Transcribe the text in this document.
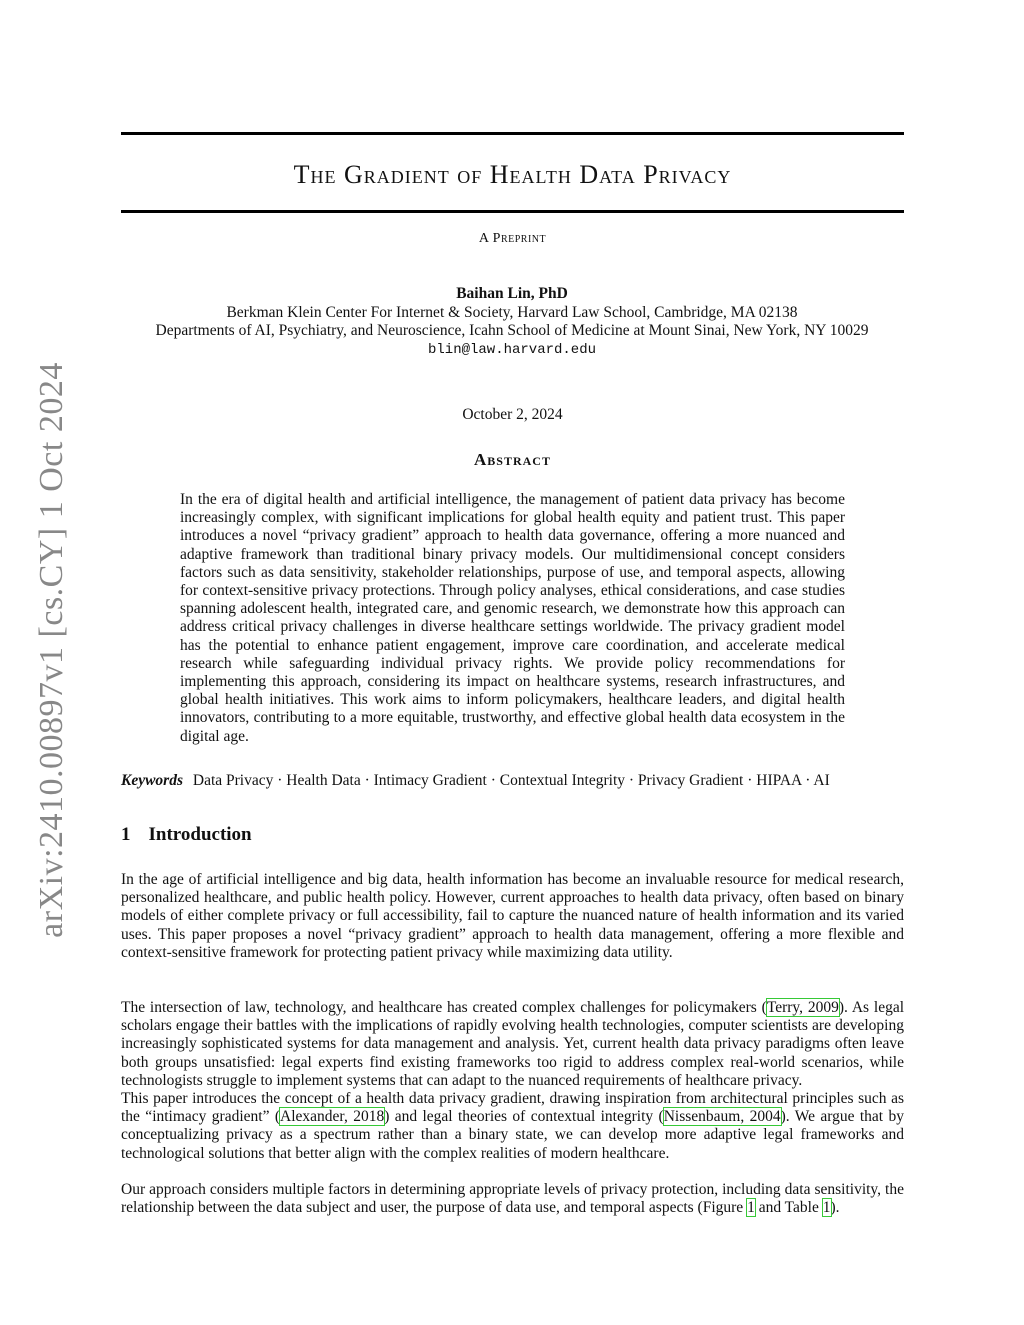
arXiv:2410.00897v1 [cs.CY] 1 Oct 2024
The Gradient of Health Data Privacy
A Preprint
Baihan Lin, PhD
Berkman Klein Center For Internet & Society, Harvard Law School, Cambridge, MA 02138
Departments of AI, Psychiatry, and Neuroscience, Icahn School of Medicine at Mount Sinai, New York, NY 10029
blin@law.harvard.edu
October 2, 2024
Abstract

In the era of digital health and artificial intelligence, the management of patient data privacy has become increasingly complex, with significant implications for global health equity and patient trust. This paper introduces a novel “privacy gradient” approach to health data governance, offering a more nuanced and adaptive framework than traditional binary privacy models. Our multidimensional concept considers factors such as data sensitivity, stakeholder relationships, purpose of use, and temporal aspects, allowing for context-sensitive privacy protections. Through policy analyses, ethical considerations, and case studies spanning adolescent health, integrated care, and genomic research, we demonstrate how this approach can address critical privacy challenges in diverse healthcare settings worldwide. The privacy gradient model has the potential to enhance patient engagement, improve care coordination, and accelerate medical research while safeguarding individual privacy rights. We provide policy recommendations for implementing this approach, considering its impact on healthcare systems, research infrastructures, and global health initiatives. This work aims to inform policymakers, healthcare leaders, and digital health innovators, contributing to a more equitable, trustworthy, and effective global health data ecosystem in the digital age.

Keywords Data Privacy · Health Data · Intimacy Gradient · Contextual Integrity · Privacy Gradient · HIPAA · AI
1 Introduction

In the age of artificial intelligence and big data, health information has become an invaluable resource for medical research, personalized healthcare, and public health policy. However, current approaches to health data privacy, often based on binary models of either complete privacy or full accessibility, fail to capture the nuanced nature of health information and its varied uses. This paper proposes a novel “privacy gradient” approach to health data management, offering a more flexible and context-sensitive framework for protecting patient privacy while maximizing data utility.

The intersection of law, technology, and healthcare has created complex challenges for policymakers (Terry, 2009). As legal scholars engage their battles with the implications of rapidly evolving health technologies, computer scientists are developing increasingly sophisticated systems for data management and analysis. Yet, current health data privacy paradigms often leave both groups unsatisfied: legal experts find existing frameworks too rigid to address complex real-world scenarios, while technologists struggle to implement systems that can adapt to the nuanced requirements of healthcare privacy.

This paper introduces the concept of a health data privacy gradient, drawing inspiration from architectural principles such as the “intimacy gradient” (Alexander, 2018) and legal theories of contextual integrity (Nissenbaum, 2004). We argue that by conceptualizing privacy as a spectrum rather than a binary state, we can develop more adaptive legal frameworks and technological solutions that better align with the complex realities of modern healthcare.

Our approach considers multiple factors in determining appropriate levels of privacy protection, including data sensitivity, the relationship between the data subject and user, the purpose of data use, and temporal aspects (Figure 1 and Table 1).
